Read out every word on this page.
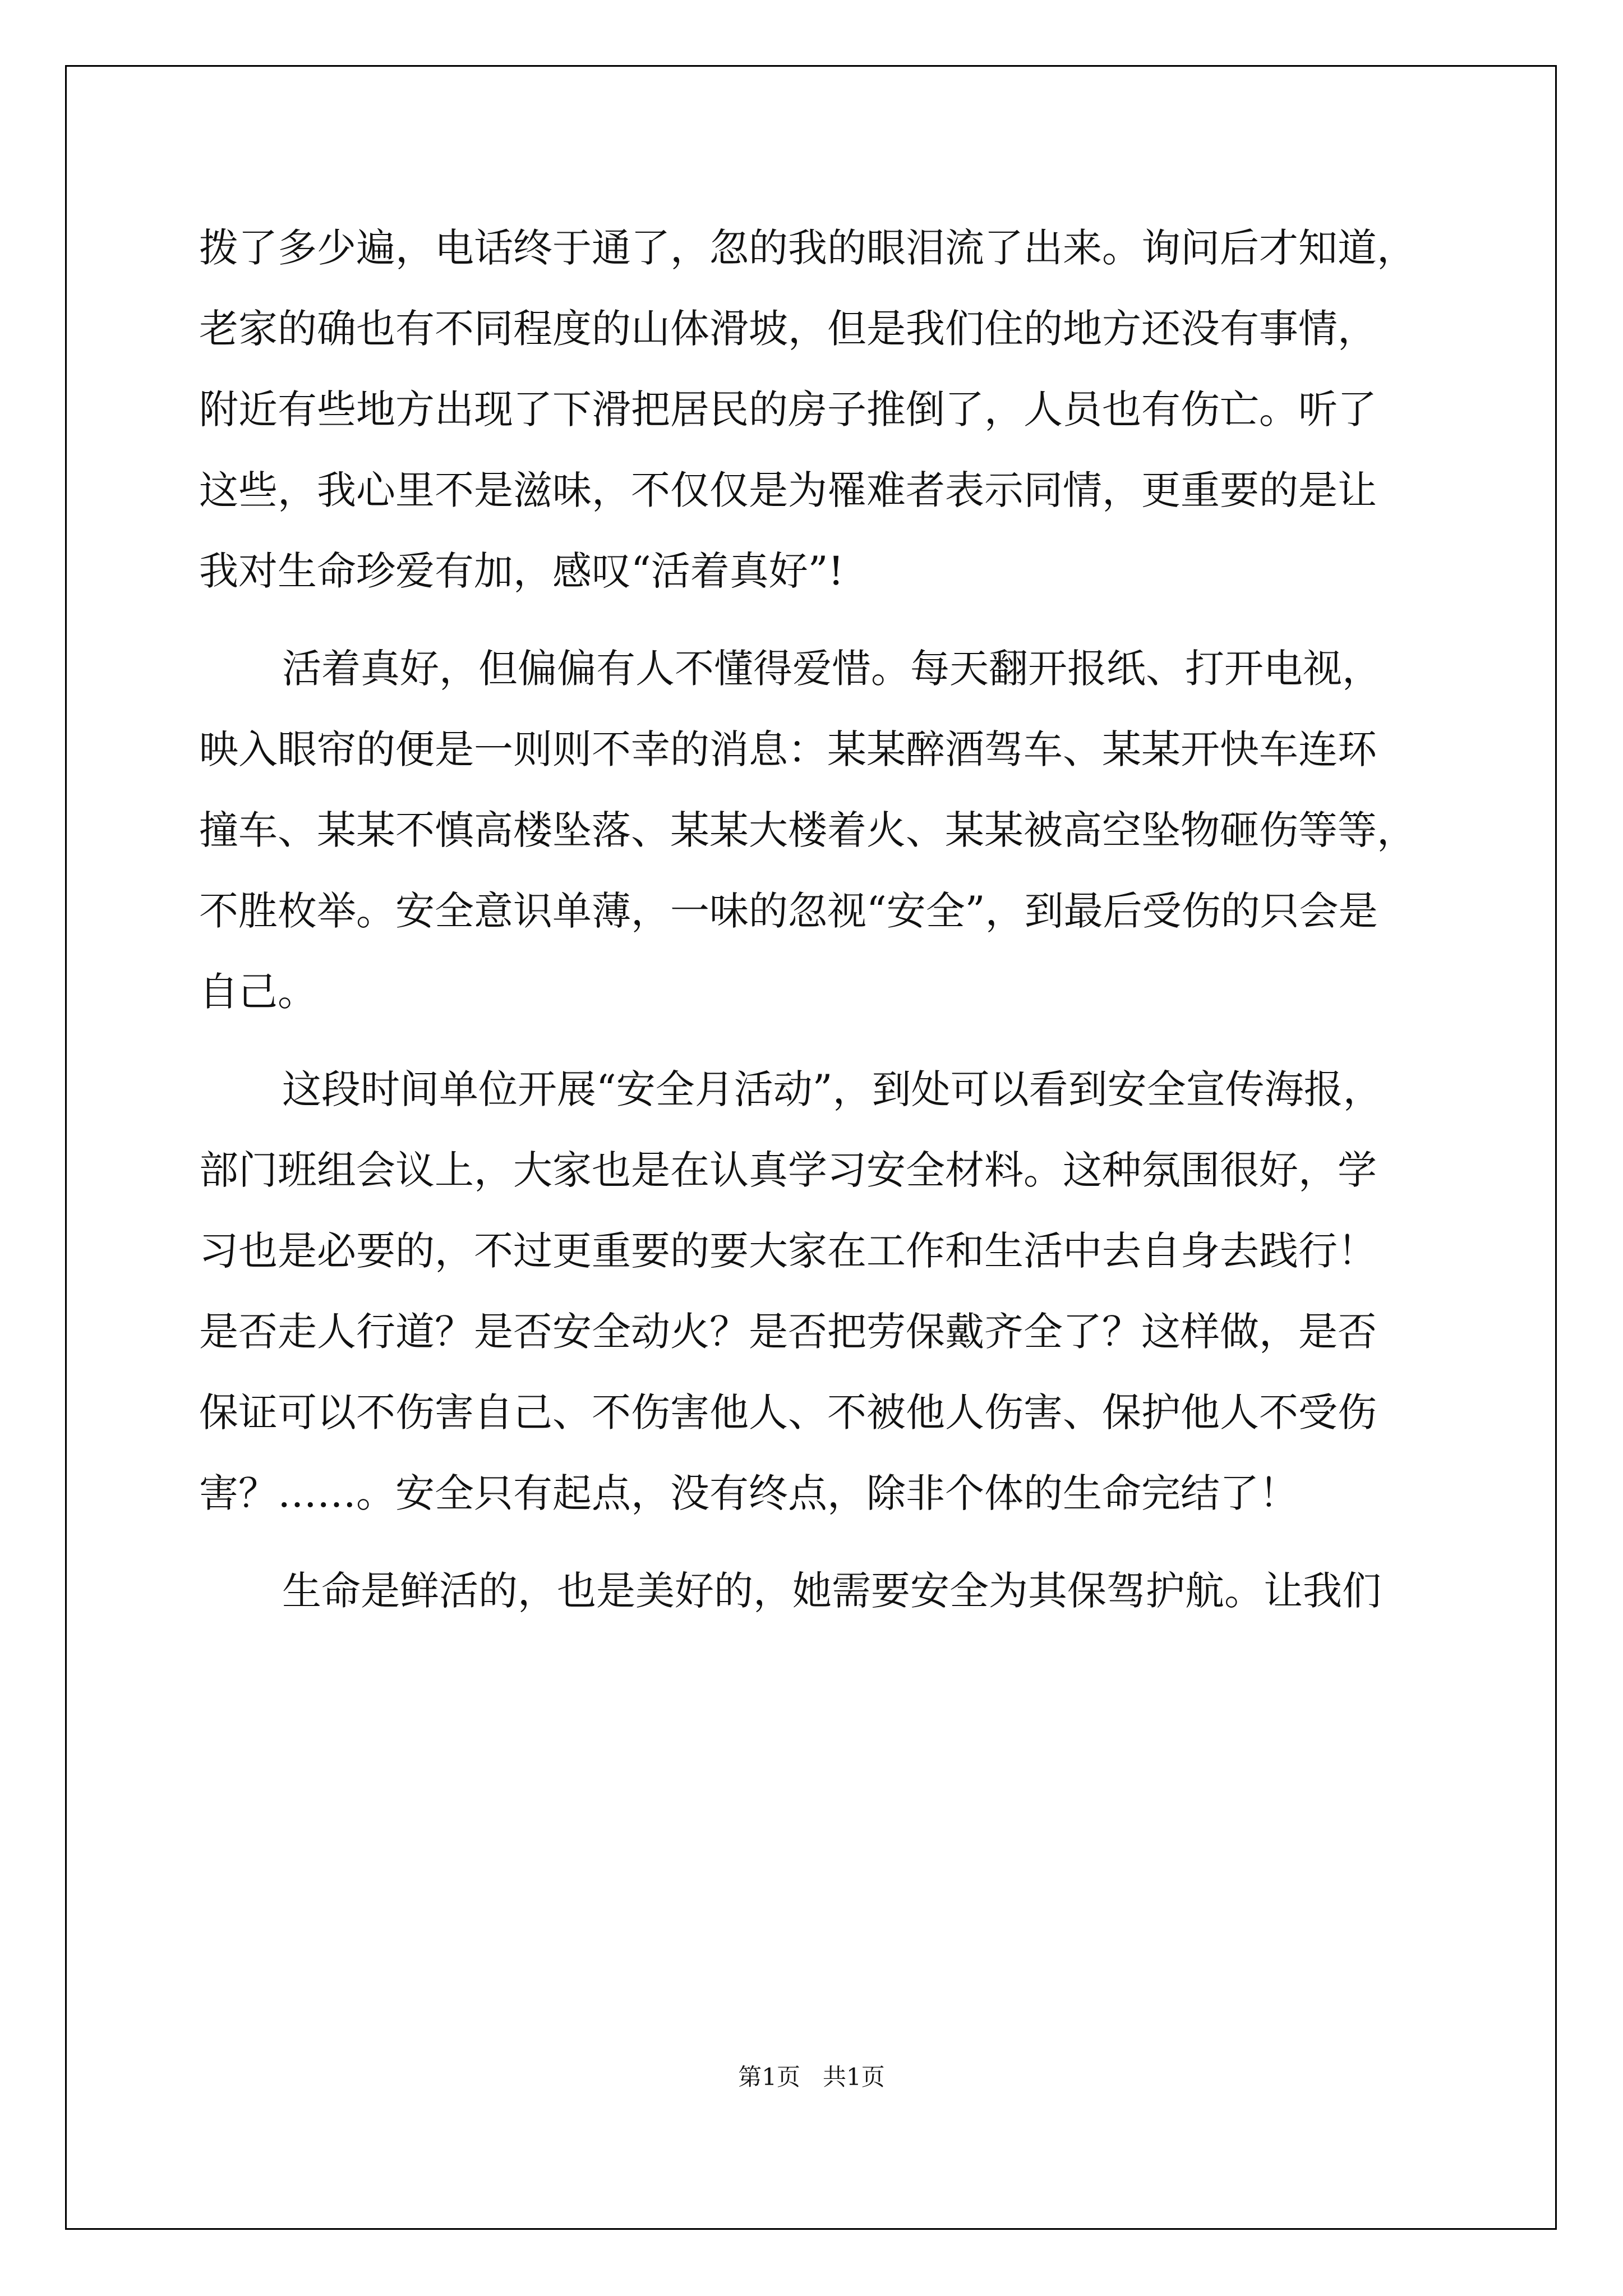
拨了多少遍，电话终于通了，忽的我的眼泪流了出来。询问后才知道，
老家的确也有不同程度的山体滑坡，但是我们住的地方还没有事情，
附近有些地方出现了下滑把居民的房子推倒了，人员也有伤亡。听了
这些，我心里不是滋味，不仅仅是为罹难者表示同情，更重要的是让
我对生命珍爱有加，感叹“活着真好”!
活着真好，但偏偏有人不懂得爱惜。每天翻开报纸、打开电视，
映入眼帘的便是一则则不幸的消息：某某醉酒驾车、某某开快车连环
撞车、某某不慎高楼坠落、某某大楼着火、某某被高空坠物砸伤等等，
不胜枚举。安全意识单薄，一味的忽视“安全”，到最后受伤的只会是
自己。
这段时间单位开展“安全月活动”，到处可以看到安全宣传海报，
部门班组会议上，大家也是在认真学习安全材料。这种氛围很好，学
习也是必要的，不过更重要的要大家在工作和生活中去自身去践行！
是否走人行道？是否安全动火？是否把劳保戴齐全了？这样做，是否
保证可以不伤害自己、不伤害他人、不被他人伤害、保护他人不受伤
害？……。安全只有起点，没有终点，除非个体的生命完结了！
生命是鲜活的，也是美好的，她需要安全为其保驾护航。让我们
第1页   共1页
